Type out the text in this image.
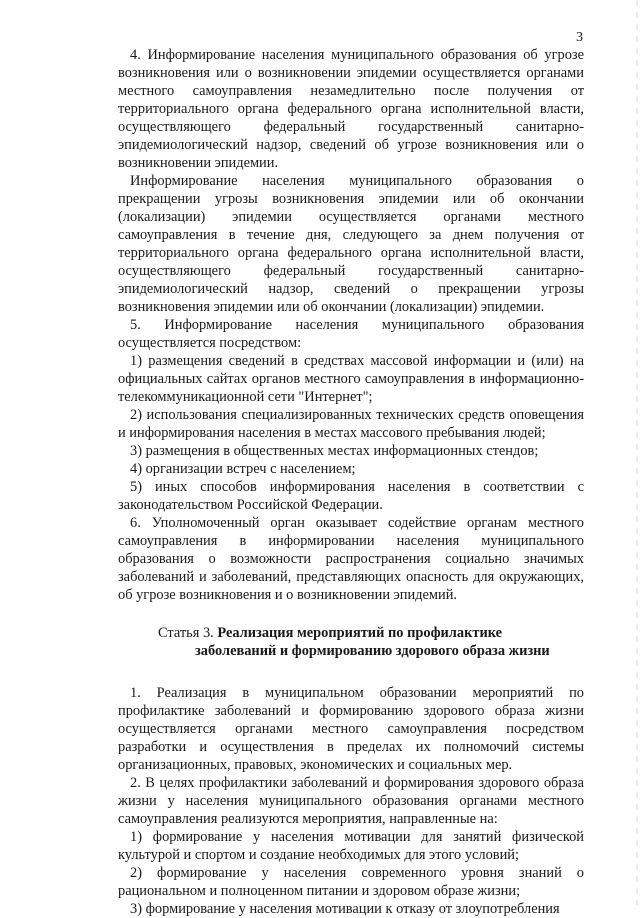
3

4. Информирование населения муниципального образования об угрозе возникновения или о возникновении эпидемии осуществляется органами местного самоуправления незамедлительно после получения от территориального органа федерального органа исполнительной власти, осуществляющего федеральный государственный санитарно-эпидемиологический надзор, сведений об угрозе возникновения или о возникновении эпидемии.

Информирование населения муниципального образования о прекращении угрозы возникновения эпидемии или об окончании (локализации) эпидемии осуществляется органами местного самоуправления в течение дня, следующего за днем получения от территориального органа федерального органа исполнительной власти, осуществляющего федеральный государственный санитарно-эпидемиологический надзор, сведений о прекращении угрозы возникновения эпидемии или об окончании (локализации) эпидемии.

5. Информирование населения муниципального образования осуществляется посредством:

1) размещения сведений в средствах массовой информации и (или) на официальных сайтах органов местного самоуправления в информационно-телекоммуникационной сети "Интернет";

2) использования специализированных технических средств оповещения и информирования населения в местах массового пребывания людей;

3) размещения в общественных местах информационных стендов;

4) организации встреч с населением;

5) иных способов информирования населения в соответствии с законодательством Российской Федерации.

6. Уполномоченный орган оказывает содействие органам местного самоуправления в информировании населения муниципального образования о возможности распространения социально значимых заболеваний и заболеваний, представляющих опасность для окружающих, об угрозе возникновения и о возникновении эпидемий.

Статья 3. Реализация мероприятий по профилактике
заболеваний и формированию здорового образа жизни

1. Реализация в муниципальном образовании мероприятий по профилактике заболеваний и формированию здорового образа жизни осуществляется органами местного самоуправления посредством разработки и осуществления в пределах их полномочий системы организационных, правовых, экономических и социальных мер.

2. В целях профилактики заболеваний и формирования здорового образа жизни у населения муниципального образования органами местного самоуправления реализуются мероприятия, направленные на:

1) формирование у населения мотивации для занятий физической культурой и спортом и создание необходимых для этого условий;

2) формирование у населения современного уровня знаний о рациональном и полноценном питании и здоровом образе жизни;

3) формирование у населения мотивации к отказу от злоупотребления
